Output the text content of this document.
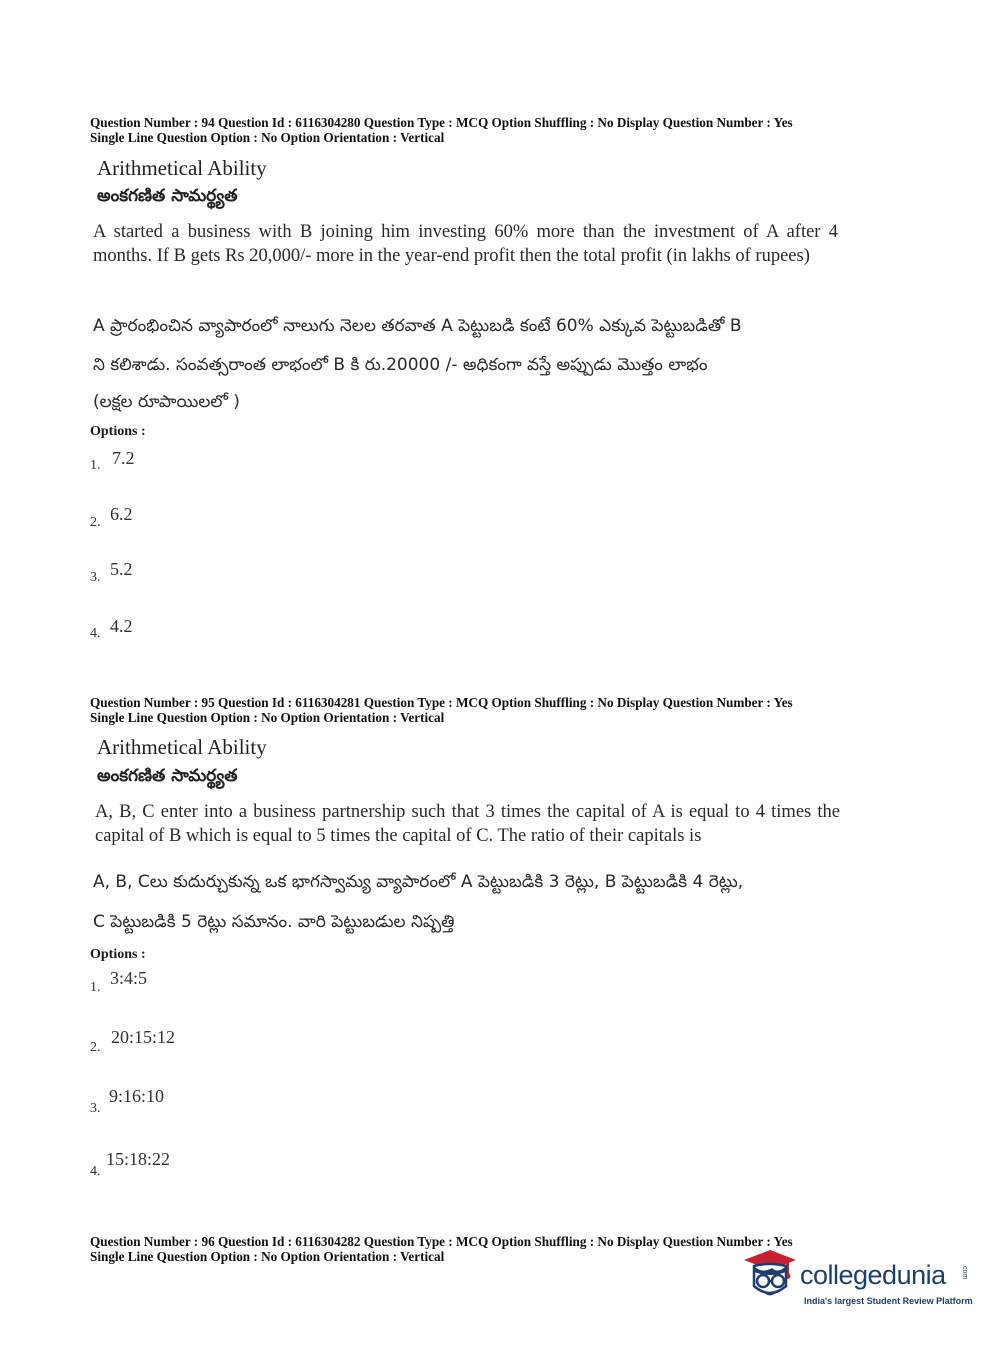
Question Number : 94 Question Id : 6116304280 Question Type : MCQ Option Shuffling : No Display Question Number : Yes
Single Line Question Option : No Option Orientation : Vertical
Arithmetical Ability
అంకగణిత సామర్థ్యత
A started a business with B joining him investing 60% more than the investment of A after 4 months. If B gets Rs 20,000/- more in the year-end profit then the total profit (in lakhs of rupees)
A ప్రారంభించిన వ్యాపారంలో నాలుగు నెలల తరవాత A పెట్టుబడి కంటే 60% ఎక్కువ పెట్టుబడితో B
ని కలిశాడు. సంవత్సరాంత లాభంలో B కి రు.20000 /- అధికంగా వస్తే అప్పుడు మొత్తం లాభం
(లక్షల రూపాయిలలో )
Options :
1. 7.2
2. 6.2
3. 5.2
4. 4.2
Question Number : 95 Question Id : 6116304281 Question Type : MCQ Option Shuffling : No Display Question Number : Yes
Single Line Question Option : No Option Orientation : Vertical
Arithmetical Ability
అంకగణిత సామర్థ్యత
A, B, C enter into a business partnership such that 3 times the capital of A is equal to 4 times the capital of B which is equal to 5 times the capital of C. The ratio of their capitals is
A, B, Cలు కుదుర్చుకున్న ఒక భాగస్వామ్య వ్యాపారంలో A పెట్టుబడికి 3 రెట్లు, B పెట్టుబడికి 4 రెట్లు,
C పెట్టుబడికి 5 రెట్లు సమానం. వారి పెట్టుబడుల నిష్పత్తి
Options :
1. 3:4:5
2.
20:15:12
3.
9:16:10
4.
15:18:22
Question Number : 96 Question Id : 6116304282 Question Type : MCQ Option Shuffling : No Display Question Number : Yes
Single Line Question Option : No Option Orientation : Vertical
collegedunia .com
India's largest Student Review Platform
